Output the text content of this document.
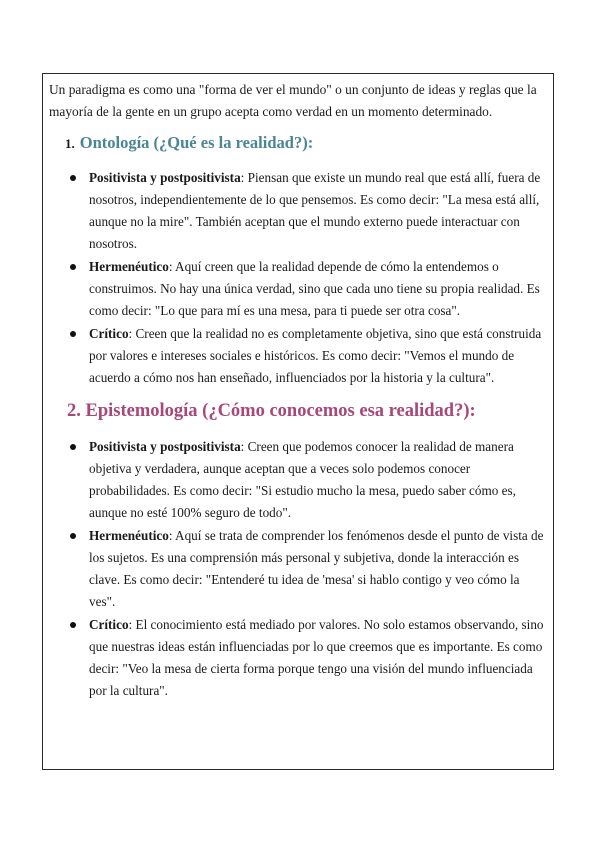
Un paradigma es como una "forma de ver el mundo" o un conjunto de ideas y reglas que la mayoría de la gente en un grupo acepta como verdad en un momento determinado.

1. Ontología (¿Qué es la realidad?):
Positivista y postpositivista: Piensan que existe un mundo real que está allí, fuera de nosotros, independientemente de lo que pensemos. Es como decir: "La mesa está allí, aunque no la mire". También aceptan que el mundo externo puede interactuar con nosotros.
Hermenéutico: Aquí creen que la realidad depende de cómo la entendemos o construimos. No hay una única verdad, sino que cada uno tiene su propia realidad. Es como decir: "Lo que para mí es una mesa, para ti puede ser otra cosa".
Crítico: Creen que la realidad no es completamente objetiva, sino que está construida por valores e intereses sociales e históricos. Es como decir: "Vemos el mundo de acuerdo a cómo nos han enseñado, influenciados por la historia y la cultura".
2. Epistemología (¿Cómo conocemos esa realidad?):
Positivista y postpositivista: Creen que podemos conocer la realidad de manera objetiva y verdadera, aunque aceptan que a veces solo podemos conocer probabilidades. Es como decir: "Si estudio mucho la mesa, puedo saber cómo es, aunque no esté 100% seguro de todo".
Hermenéutico: Aquí se trata de comprender los fenómenos desde el punto de vista de los sujetos. Es una comprensión más personal y subjetiva, donde la interacción es clave. Es como decir: "Entenderé tu idea de 'mesa' si hablo contigo y veo cómo la ves".
Crítico: El conocimiento está mediado por valores. No solo estamos observando, sino que nuestras ideas están influenciadas por lo que creemos que es importante. Es como decir: "Veo la mesa de cierta forma porque tengo una visión del mundo influenciada por la cultura".
